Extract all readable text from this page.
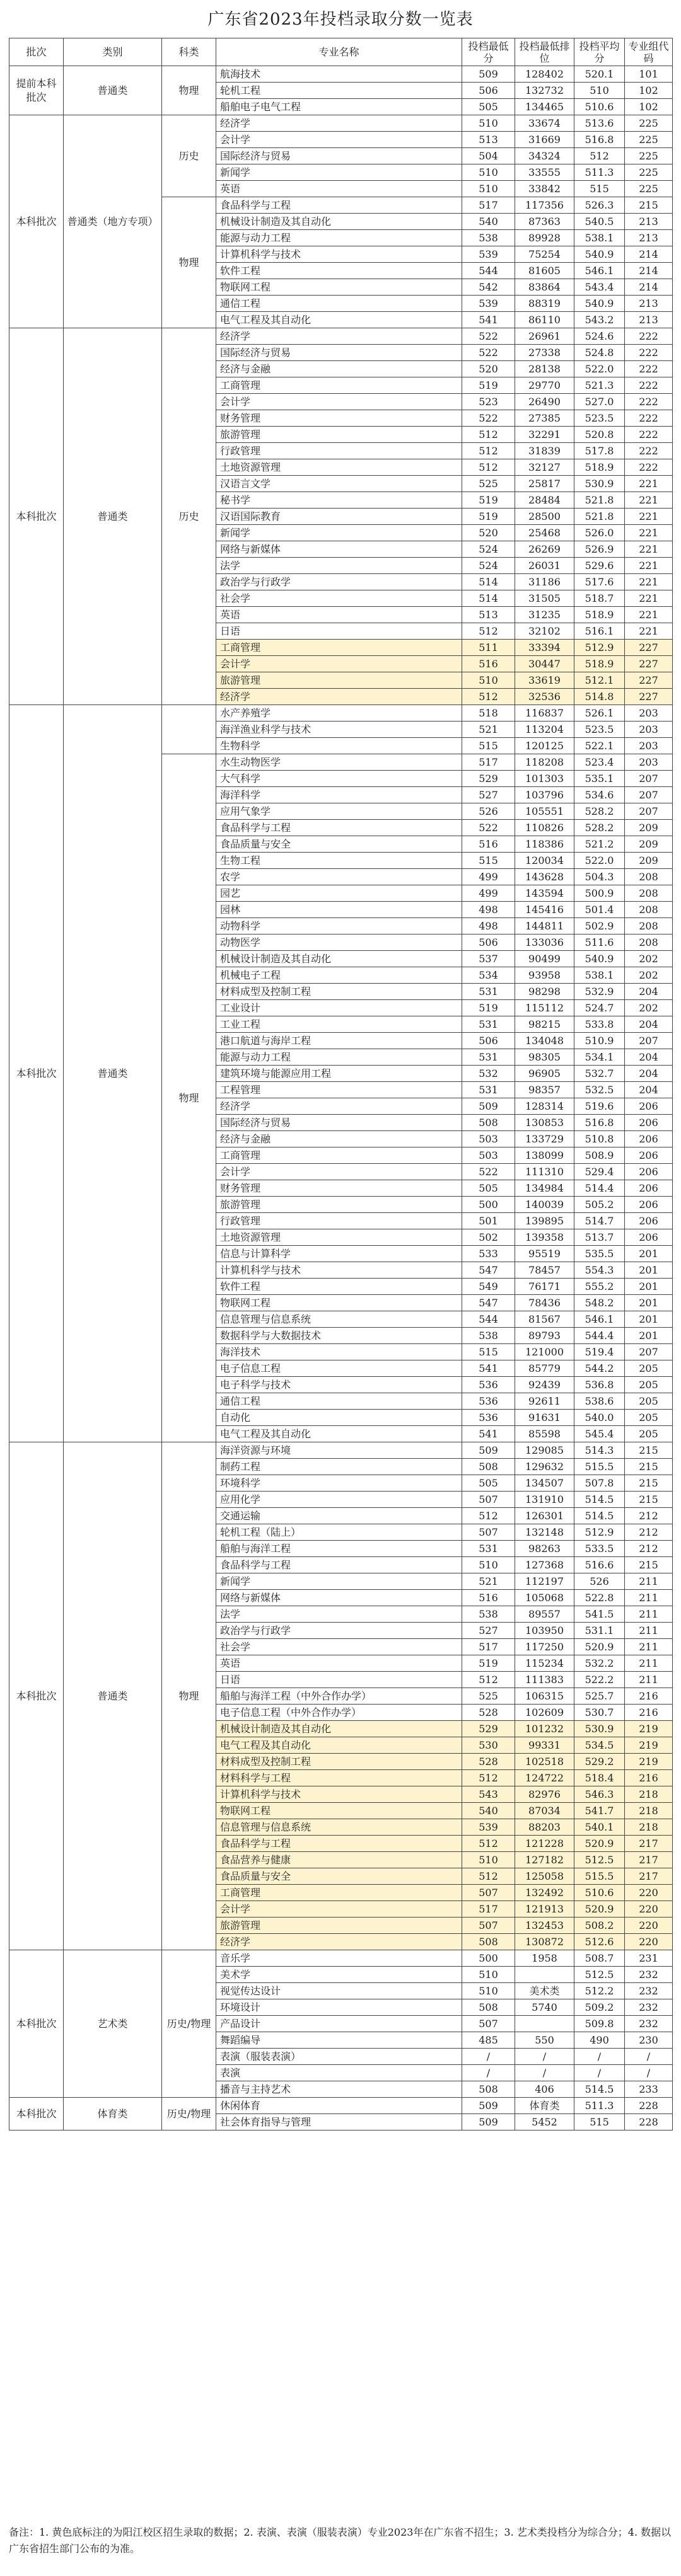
广东省2023年投档录取分数一览表
批次	类别	科类	专业名称	投档最低分	投档最低排位	投档平均分	专业组代码
提前本科批次	普通类	物理	航海技术	509	128402	520.1	101
			轮机工程	506	132732	510	102
			船舶电子电气工程	505	134465	510.6	102
本科批次	普通类（地方专项）	历史	经济学	510	33674	513.6	225
			会计学	513	31669	516.8	225
			国际经济与贸易	504	34324	512	225
			新闻学	510	33555	511.3	225
			英语	510	33842	515	225
		物理	食品科学与工程	517	117356	526.3	215
			机械设计制造及其自动化	540	87363	540.5	213
			能源与动力工程	538	89928	538.1	213
			计算机科学与技术	539	75254	540.9	214
			软件工程	544	81605	546.1	214
			物联网工程	542	83864	543.4	214
			通信工程	539	88319	540.9	213
			电气工程及其自动化	541	86110	543.2	213
本科批次	普通类	历史	经济学	522	26961	524.6	222
			国际经济与贸易	522	27338	524.8	222
			经济与金融	520	28138	522.0	222
			工商管理	519	29770	521.3	222
			会计学	523	26490	527.0	222
			财务管理	522	27385	523.5	222
			旅游管理	512	32291	520.8	222
			行政管理	512	31839	517.8	222
			土地资源管理	512	32127	518.9	222
			汉语言文学	525	25817	530.9	221
			秘书学	519	28484	521.8	221
			汉语国际教育	519	28500	521.8	221
			新闻学	520	25468	526.0	221
			网络与新媒体	524	26269	526.9	221
			法学	524	26031	529.6	221
			政治学与行政学	514	31186	517.6	221
			社会学	514	31505	518.7	221
			英语	513	31235	518.9	221
			日语	512	32102	516.1	221
			工商管理	511	33394	512.9	227
			会计学	516	30447	518.9	227
			旅游管理	510	33619	512.1	227
			经济学	512	32536	514.8	227
本科批次	普通类		水产养殖学	518	116837	526.1	203
			海洋渔业科学与技术	521	113204	523.5	203
			生物科学	515	120125	522.1	203
		物理	水生动物医学	517	118208	523.4	203
			大气科学	529	101303	535.1	207
			海洋科学	527	103796	534.6	207
			应用气象学	526	105551	528.2	207
			食品科学与工程	522	110826	528.2	209
			食品质量与安全	516	118386	521.2	209
			生物工程	515	120034	522.0	209
			农学	499	143628	504.3	208
			园艺	499	143594	500.9	208
			园林	498	145416	501.4	208
			动物科学	498	144811	502.9	208
			动物医学	506	133036	511.6	208
			机械设计制造及其自动化	537	90499	540.9	202
			机械电子工程	534	93958	538.1	202
			材料成型及控制工程	531	98298	532.9	204
			工业设计	519	115112	524.7	202
			工业工程	531	98215	533.8	204
			港口航道与海岸工程	506	134048	510.9	207
			能源与动力工程	531	98305	534.1	204
			建筑环境与能源应用工程	532	96905	532.7	204
			工程管理	531	98357	532.5	204
			经济学	509	128314	519.6	206
			国际经济与贸易	508	130853	516.8	206
			经济与金融	503	133729	510.8	206
			工商管理	503	138099	508.9	206
			会计学	522	111310	529.4	206
			财务管理	505	134984	514.4	206
			旅游管理	500	140039	505.2	206
			行政管理	501	139895	514.7	206
			土地资源管理	502	139358	513.7	206
			信息与计算科学	533	95519	535.5	201
			计算机科学与技术	547	78457	554.3	201
			软件工程	549	76171	555.2	201
			物联网工程	547	78436	548.2	201
			信息管理与信息系统	544	81567	546.1	201
			数据科学与大数据技术	538	89793	544.4	201
			海洋技术	515	121000	519.4	207
			电子信息工程	541	85779	544.2	205
			电子科学与技术	536	92439	536.8	205
			通信工程	536	92611	538.6	205
			自动化	536	91631	540.0	205
			电气工程及其自动化	541	85598	545.4	205
本科批次	普通类	物理	海洋资源与环境	509	129085	514.3	215
			制药工程	508	129632	515.5	215
			环境科学	505	134507	507.8	215
			应用化学	507	131910	514.5	215
			交通运输	512	126301	514.5	212
			轮机工程（陆上）	507	132148	512.9	212
			船舶与海洋工程	531	98263	533.5	212
			食品科学与工程	510	127368	516.6	215
			新闻学	521	112197	526	211
			网络与新媒体	516	105068	522.8	211
			法学	538	89557	541.5	211
			政治学与行政学	527	103950	531.1	211
			社会学	517	117250	520.9	211
			英语	519	115234	532.2	211
			日语	512	111383	522.2	211
			船舶与海洋工程（中外合作办学）	525	106315	525.7	216
			电子信息工程（中外合作办学）	528	102609	530.7	216
			机械设计制造及其自动化	529	101232	530.9	219
			电气工程及其自动化	530	99331	534.5	219
			材料成型及控制工程	528	102518	529.2	219
			材料科学与工程	512	124722	518.4	216
			计算机科学与技术	543	82976	546.3	218
			物联网工程	540	87034	541.7	218
			信息管理与信息系统	539	88203	540.1	218
			食品科学与工程	512	121228	520.9	217
			食品营养与健康	510	127182	512.5	217
			食品质量与安全	512	125058	515.5	217
			工商管理	507	132492	510.6	220
			会计学	517	121913	520.9	220
			旅游管理	507	132453	508.2	220
			经济学	508	130872	512.6	220
本科批次	艺术类	历史/物理	音乐学	500	1958	508.7	231
			美术学	510		512.5	232
			视觉传达设计	510	美术类	512.2	232
			环境设计	508	5740	509.2	232
			产品设计	507		509.8	232
			舞蹈编导	485	550	490	230
			表演（服装表演）	/	/	/	/
			表演	/	/	/	/
			播音与主持艺术	508	406	514.5	233
本科批次	体育类	历史/物理	休闲体育	509	体育类	511.3	228
			社会体育指导与管理	509	5452	515	228
备注：1. 黄色底标注的为阳江校区招生录取的数据；2. 表演、表演（服装表演）专业2023年在广东省不招生；3. 艺术类投档分为综合分；4. 数据以广东省招生部门公布的为准。
